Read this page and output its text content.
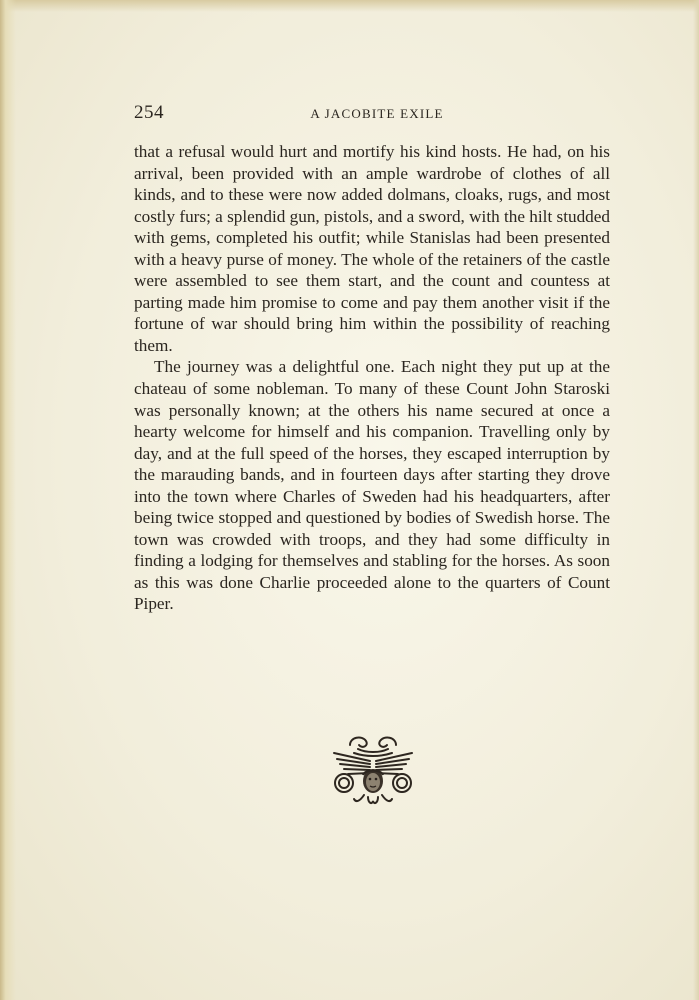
254	A JACOBITE EXILE

that a refusal would hurt and mortify his kind hosts. He had, on his arrival, been provided with an ample wardrobe of clothes of all kinds, and to these were now added dolmans, cloaks, rugs, and most costly furs; a splendid gun, pistols, and a sword, with the hilt studded with gems, completed his outfit; while Stanislas had been presented with a heavy purse of money. The whole of the retainers of the castle were assembled to see them start, and the count and countess at parting made him promise to come and pay them another visit if the fortune of war should bring him within the possibility of reaching them.

The journey was a delightful one. Each night they put up at the chateau of some nobleman. To many of these Count John Staroski was personally known; at the others his name secured at once a hearty welcome for himself and his companion. Travelling only by day, and at the full speed of the horses, they escaped interruption by the marauding bands, and in fourteen days after starting they drove into the town where Charles of Sweden had his headquarters, after being twice stopped and questioned by bodies of Swedish horse. The town was crowded with troops, and they had some difficulty in finding a lodging for themselves and stabling for the horses. As soon as this was done Charlie proceeded alone to the quarters of Count Piper.
